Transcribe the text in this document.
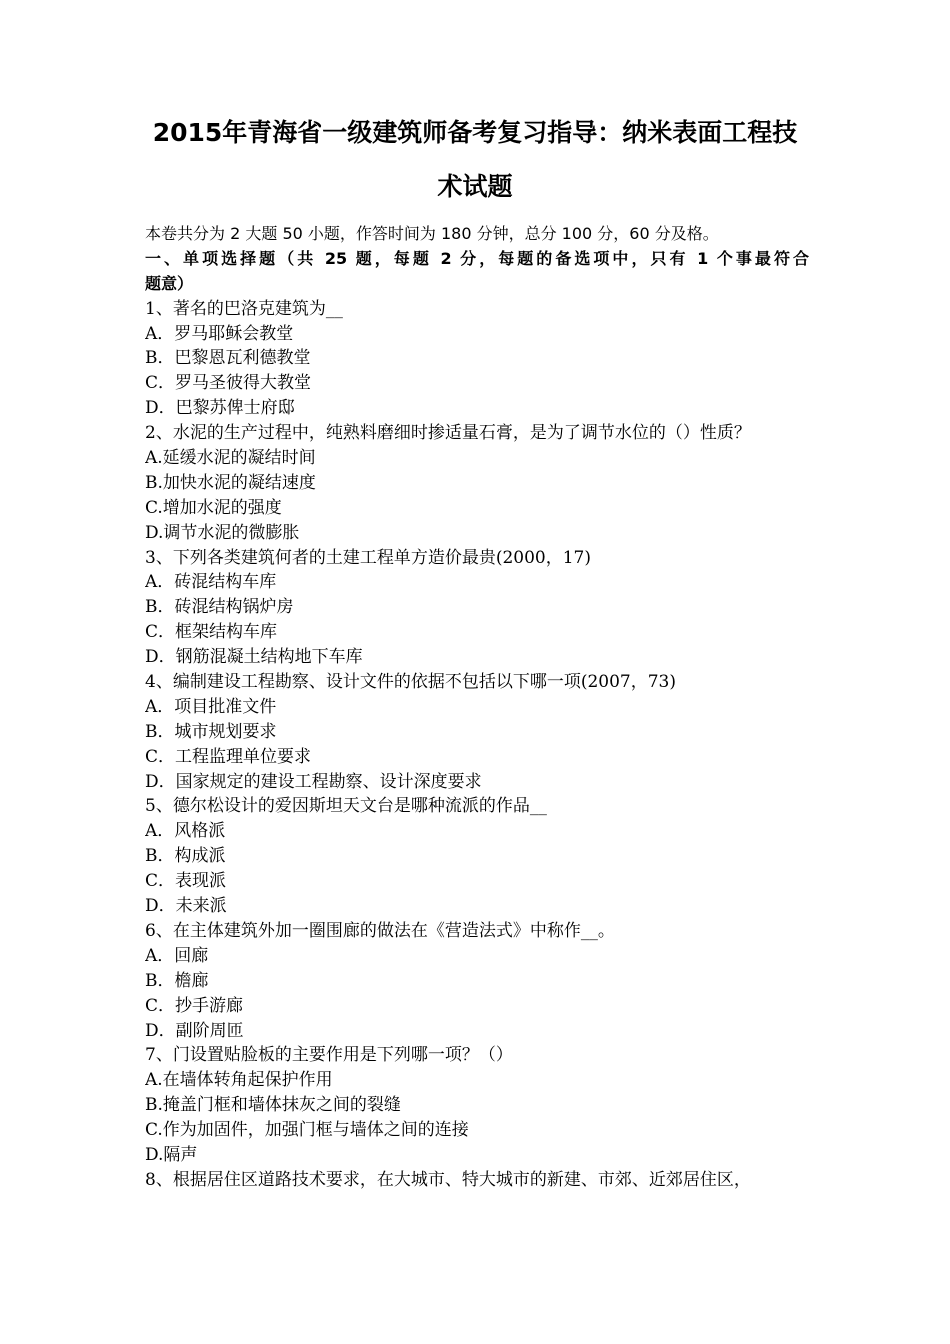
2015年青海省一级建筑师备考复习指导：纳米表面工程技
术试题
本卷共分为 2 大题 50 小题，作答时间为 180 分钟，总分 100 分，60 分及格。
一、单项选择题（共 25 题，每题 2 分，每题的备选项中，只有 1 个事最符合
题意）
1、著名的巴洛克建筑为__
A．罗马耶稣会教堂
B．巴黎恩瓦利德教堂
C．罗马圣彼得大教堂
D．巴黎苏俾士府邸
2、水泥的生产过程中，纯熟料磨细时掺适量石膏，是为了调节水位的（）性质？
A.延缓水泥的凝结时间
B.加快水泥的凝结速度
C.增加水泥的强度
D.调节水泥的微膨胀
3、下列各类建筑何者的土建工程单方造价最贵(2000，17)
A．砖混结构车库
B．砖混结构锅炉房
C．框架结构车库
D．钢筋混凝土结构地下车库
4、编制建设工程勘察、设计文件的依据不包括以下哪一项(2007，73)
A．项目批准文件
B．城市规划要求
C．工程监理单位要求
D．国家规定的建设工程勘察、设计深度要求
5、德尔松设计的爱因斯坦天文台是哪种流派的作品__
A．风格派
B．构成派
C．表现派
D．未来派
6、在主体建筑外加一圈围廊的做法在《营造法式》中称作__。
A．回廊
B．檐廊
C．抄手游廊
D．副阶周匝
7、门设置贴脸板的主要作用是下列哪一项？（）
A.在墙体转角起保护作用
B.掩盖门框和墙体抹灰之间的裂缝
C.作为加固件，加强门框与墙体之间的连接
D.隔声
8、根据居住区道路技术要求，在大城市、特大城市的新建、市郊、近郊居住区，
